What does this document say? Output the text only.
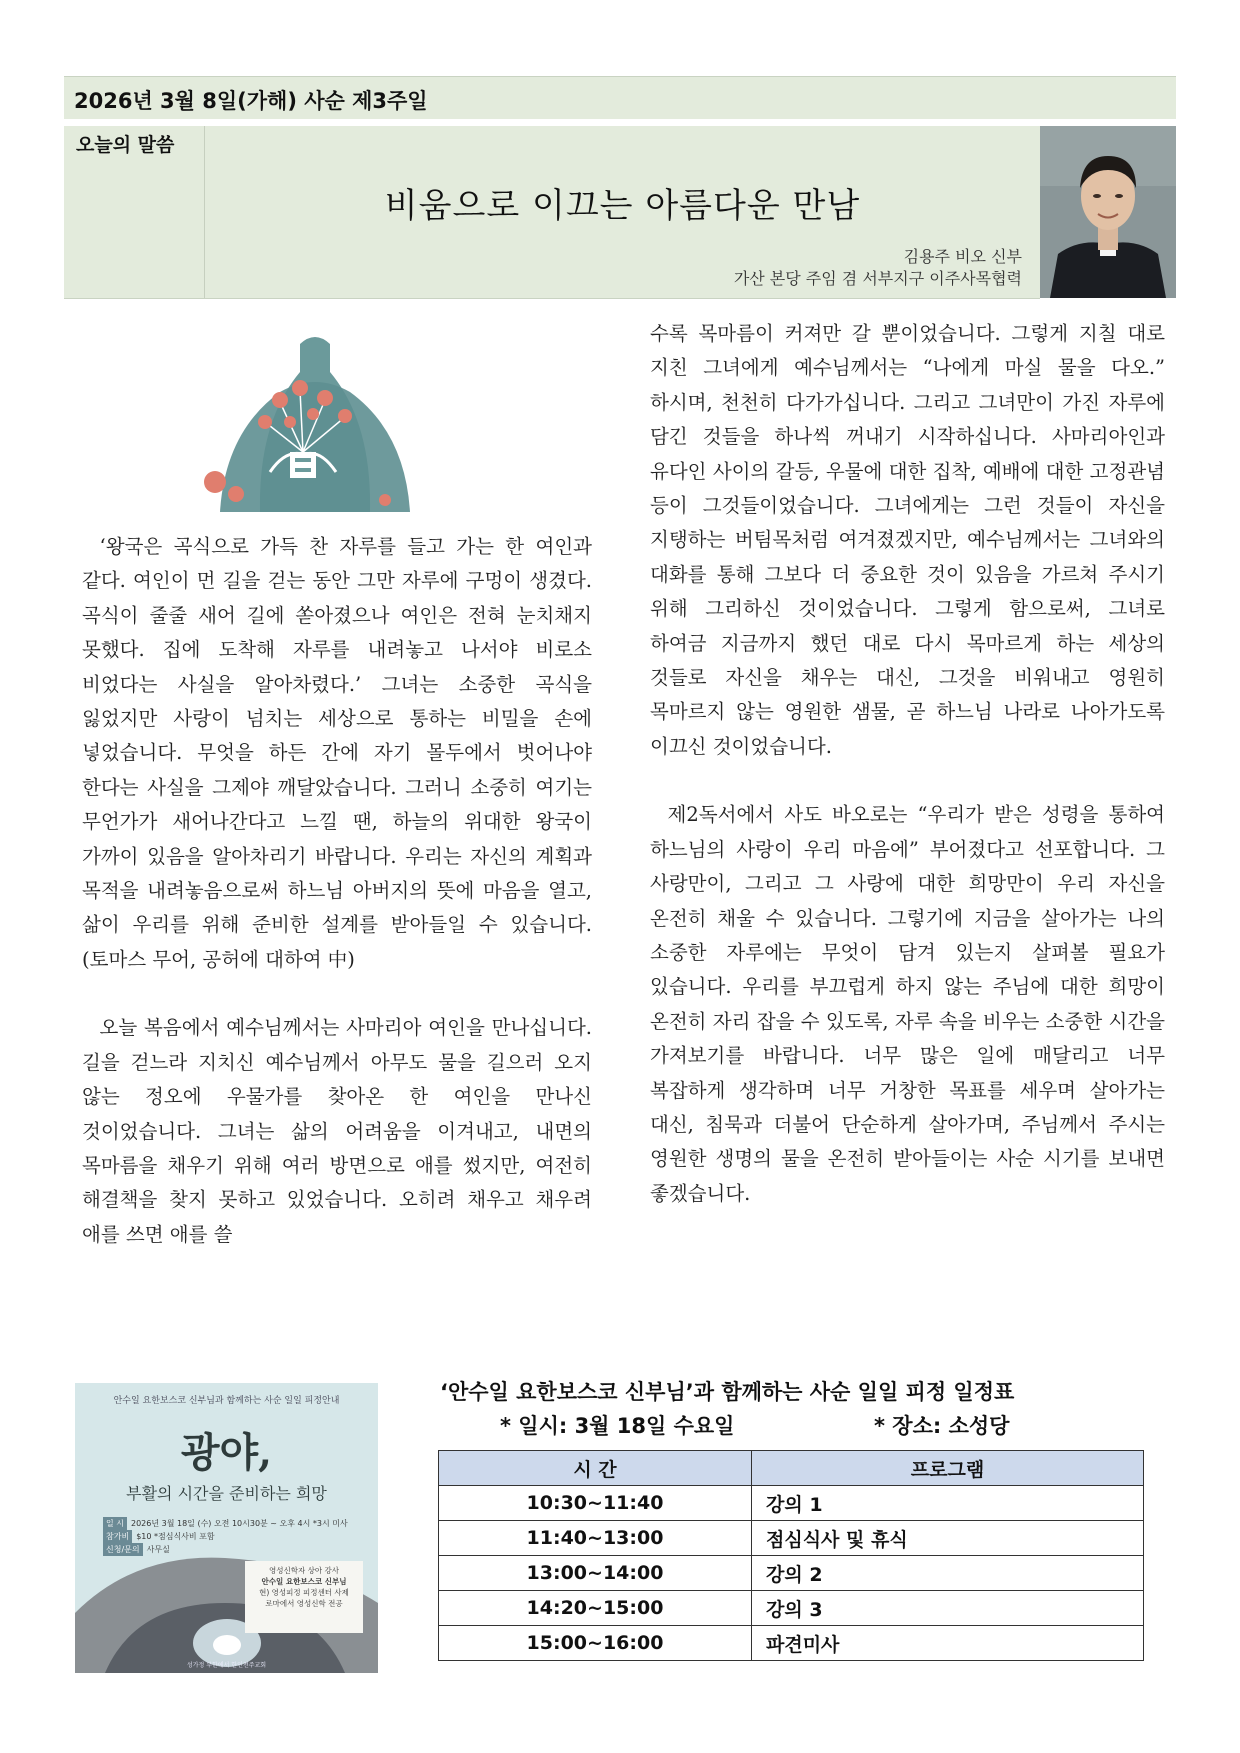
2026년 3월 8일(가해) 사순 제3주일
오늘의 말씀
비움으로 이끄는 아름다운 만남
김용주 비오 신부
가산 본당 주임 겸 서부지구 이주사목협력

‘왕국은 곡식으로 가득 찬 자루를 들고 가는 한 여인과 같다. 여인이 먼 길을 걷는 동안 그만 자루에 구멍이 생겼다. 곡식이 줄줄 새어 길에 쏟아졌으나 여인은 전혀 눈치채지 못했다. 집에 도착해 자루를 내려놓고 나서야 비로소 비었다는 사실을 알아차렸다.’ 그녀는 소중한 곡식을 잃었지만 사랑이 넘치는 세상으로 통하는 비밀을 손에 넣었습니다. 무엇을 하든 간에 자기 몰두에서 벗어나야 한다는 사실을 그제야 깨달았습니다. 그러니 소중히 여기는 무언가가 새어나간다고 느낄 땐, 하늘의 위대한 왕국이 가까이 있음을 알아차리기 바랍니다. 우리는 자신의 계획과 목적을 내려놓음으로써 하느님 아버지의 뜻에 마음을 열고, 삶이 우리를 위해 준비한 설계를 받아들일 수 있습니다. (토마스 무어, 공허에 대하여 中)

오늘 복음에서 예수님께서는 사마리아 여인을 만나십니다. 길을 걷느라 지치신 예수님께서 아무도 물을 길으러 오지 않는 정오에 우물가를 찾아온 한 여인을 만나신 것이었습니다. 그녀는 삶의 어려움을 이겨내고, 내면의 목마름을 채우기 위해 여러 방면으로 애를 썼지만, 여전히 해결책을 찾지 못하고 있었습니다. 오히려 채우고 채우려 애를 쓰면 애를 쓸

수록 목마름이 커져만 갈 뿐이었습니다. 그렇게 지칠 대로 지친 그녀에게 예수님께서는 “나에게 마실 물을 다오.” 하시며, 천천히 다가가십니다. 그리고 그녀만이 가진 자루에 담긴 것들을 하나씩 꺼내기 시작하십니다. 사마리아인과 유다인 사이의 갈등, 우물에 대한 집착, 예배에 대한 고정관념 등이 그것들이었습니다. 그녀에게는 그런 것들이 자신을 지탱하는 버팀목처럼 여겨졌겠지만, 예수님께서는 그녀와의 대화를 통해 그보다 더 중요한 것이 있음을 가르쳐 주시기 위해 그리하신 것이었습니다. 그렇게 함으로써, 그녀로 하여금 지금까지 했던 대로 다시 목마르게 하는 세상의 것들로 자신을 채우는 대신, 그것을 비워내고 영원히 목마르지 않는 영원한 샘물, 곧 하느님 나라로 나아가도록 이끄신 것이었습니다.

제2독서에서 사도 바오로는 “우리가 받은 성령을 통하여 하느님의 사랑이 우리 마음에” 부어졌다고 선포합니다. 그 사랑만이, 그리고 그 사랑에 대한 희망만이 우리 자신을 온전히 채울 수 있습니다. 그렇기에 지금을 살아가는 나의 소중한 자루에는 무엇이 담겨 있는지 살펴볼 필요가 있습니다. 우리를 부끄럽게 하지 않는 주님에 대한 희망이 온전히 자리 잡을 수 있도록, 자루 속을 비우는 소중한 시간을 가져보기를 바랍니다. 너무 많은 일에 매달리고 너무 복잡하게 생각하며 너무 거창한 목표를 세우며 살아가는 대신, 침묵과 더불어 단순하게 살아가며, 주님께서 주시는 영원한 생명의 물을 온전히 받아들이는 사순 시기를 보내면 좋겠습니다.

안수일 요한보스코 신부님과 함께하는 사순 일일 피정안내
광야,
부활의 시간을 준비하는 희망
일 시 2026년 3월 18일 (수) 오전 10시30분 ~ 오후 4시 *3시 미사
참가비 $10 *점심식사비 포함
신청/문의 사무실
영성신학자 상아 강사
안수일 요한보스코 신부님
현) 영성피정 피정센터 사제
로마에서 영성신학 전공
성가정 부한에서 한인천주교회
‘안수일 요한보스코 신부님’과 함께하는 사순 일일 피정 일정표
* 일시: 3월 18일 수요일	* 장소: 소성당
시 간	프로그램
10:30~11:40	강의 1
11:40~13:00	점심식사 및 휴식
13:00~14:00	강의 2
14:20~15:00	강의 3
15:00~16:00	파견미사
